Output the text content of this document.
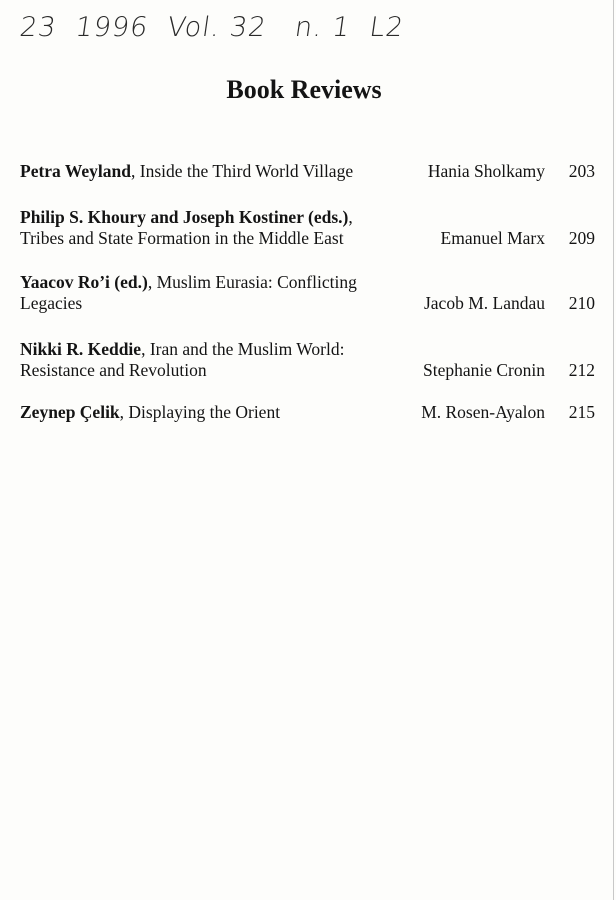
23  1996  Vol. 32   n. 1  L2
Book Reviews
Petra Weyland, Inside the Third World Village	Hania Sholkamy 203
Philip S. Khoury and Joseph Kostiner (eds.),
Tribes and State Formation in the Middle East	Emanuel Marx 209
Yaacov Ro’i (ed.), Muslim Eurasia: Conflicting
Legacies	Jacob M. Landau 210
Nikki R. Keddie, Iran and the Muslim World:
Resistance and Revolution	Stephanie Cronin 212
Zeynep Çelik, Displaying the Orient	M. Rosen-Ayalon 215
